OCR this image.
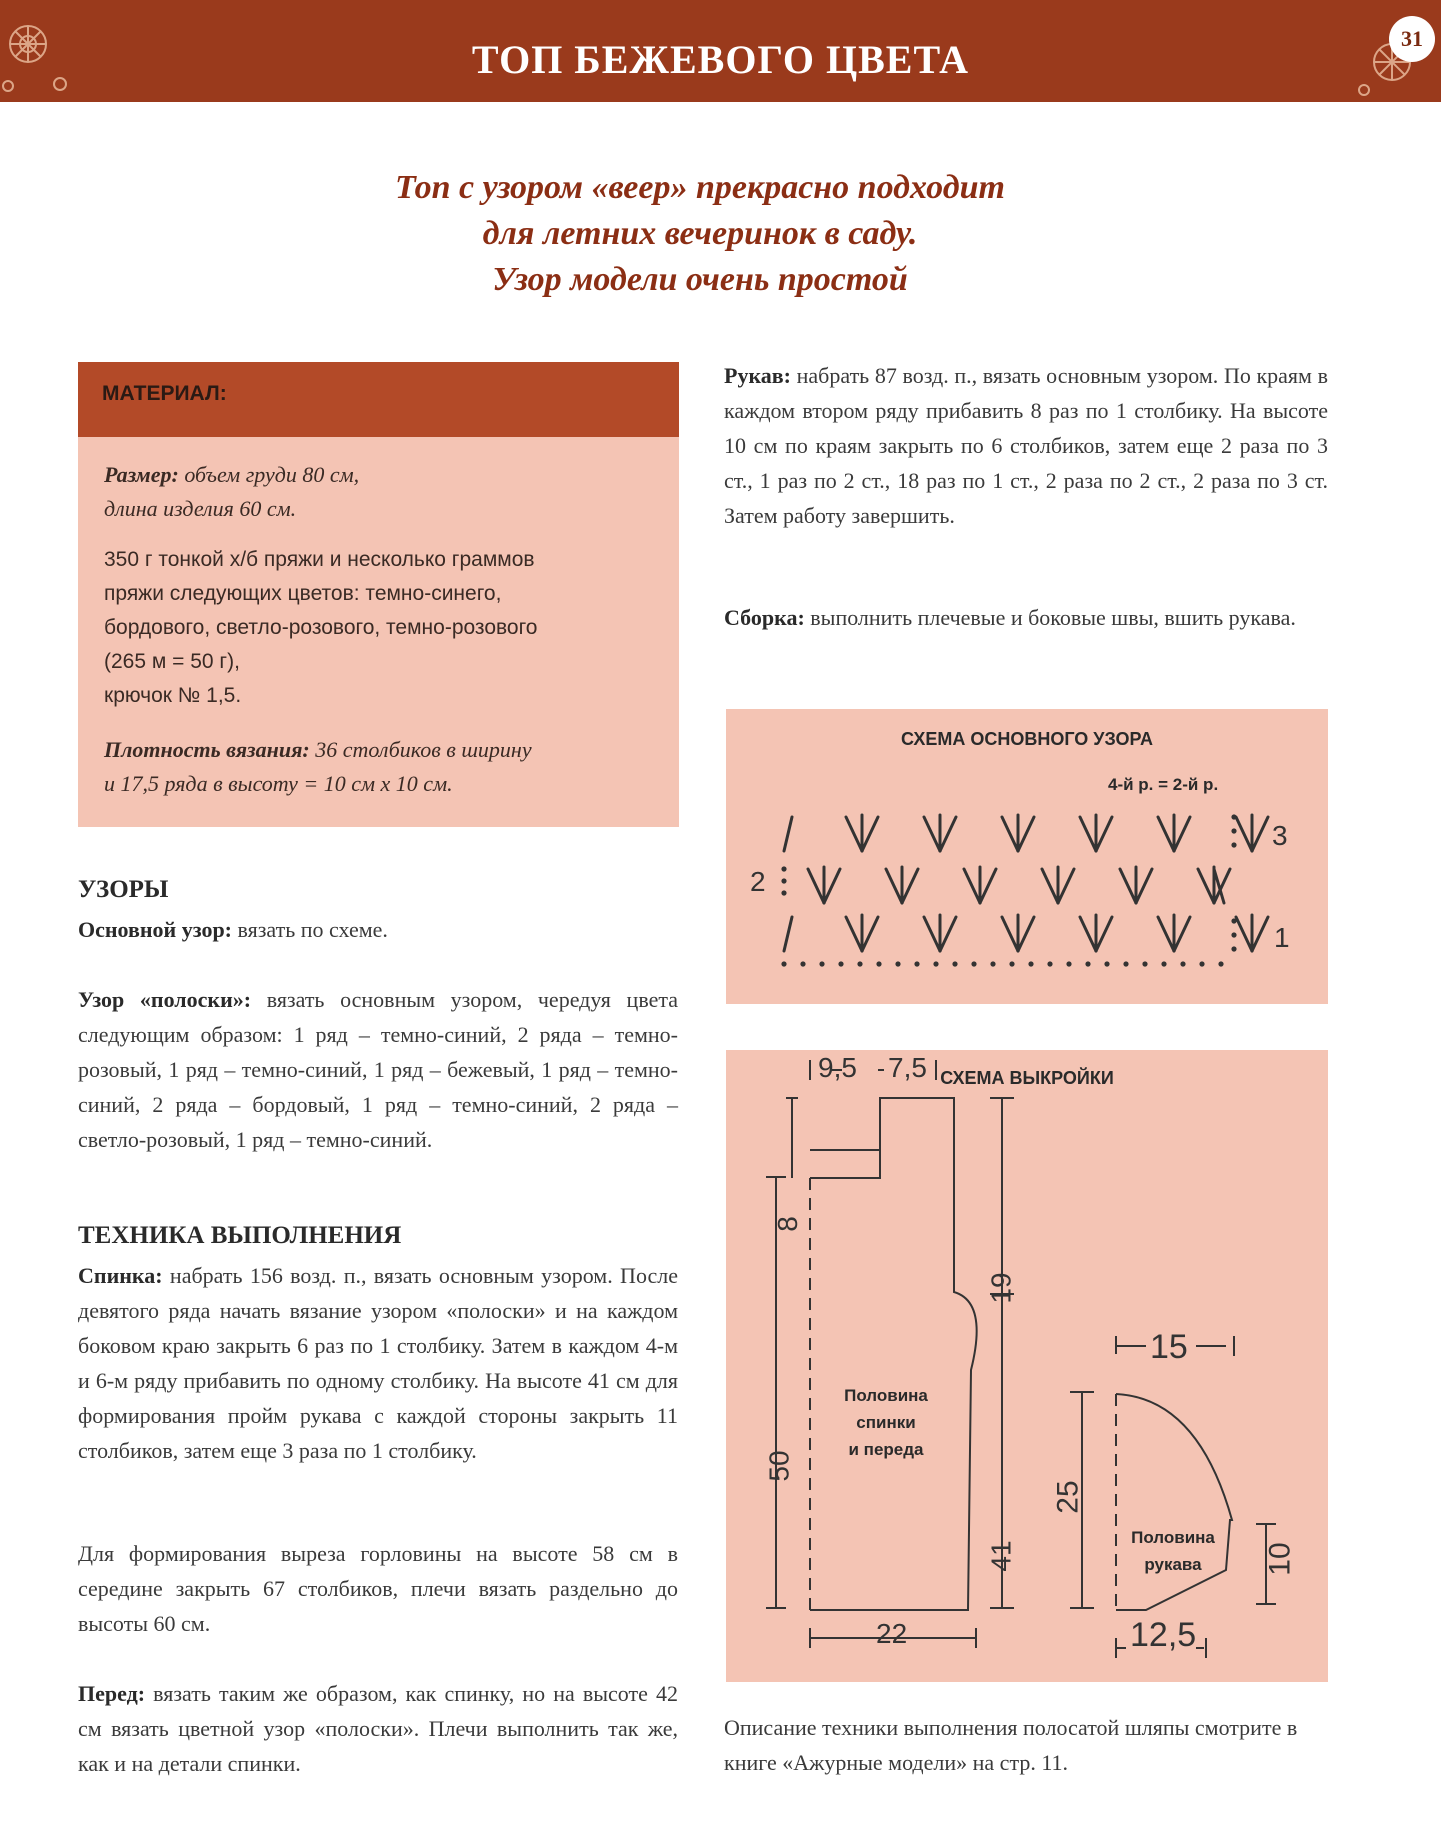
ТОП БЕЖЕВОГО ЦВЕТА	31
Топ с узором «веер» прекрасно подходит
для летних вечеринок в саду.
Узор модели очень простой
МАТЕРИАЛ:
Размер: объем груди 80 см,
длина изделия 60 см.
350 г тонкой х/б пряжи и несколько граммов
пряжи следующих цветов: темно-синего,
бордового, светло-розового, темно-розового
(265 м = 50 г),
крючок № 1,5.
Плотность вязания: 36 столбиков в ширину
и 17,5 ряда в высоту = 10 см х 10 см.
УЗОРЫ
Основной узор: вязать по схеме.
Узор «полоски»: вязать основным узором, чередуя цвета следующим образом: 1 ряд – темно-синий, 2 ряда – темно-розовый, 1 ряд – темно-синий, 1 ряд – бежевый, 1 ряд – темно-синий, 2 ряда – бордовый, 1 ряд – темно-синий, 2 ряда – светло-розовый, 1 ряд – темно-синий.
ТЕХНИКА ВЫПОЛНЕНИЯ
Спинка: набрать 156 возд. п., вязать основным узором. После девятого ряда начать вязание узором «полоски» и на каждом боковом краю закрыть 6 раз по 1 столбику. Затем в каждом 4-м и 6-м ряду прибавить по одному столбику. На высоте 41 см для формирования пройм рукава с каждой стороны закрыть 11 столбиков, затем еще 3 раза по 1 столбику.
Для формирования выреза горловины на высоте 58 см в середине закрыть 67 столбиков, плечи вязать раздельно до высоты 60 см.
Перед: вязать таким же образом, как спинку, но на высоте 42 см вязать цветной узор «полоски». Плечи выполнить так же, как и на детали спинки.
Рукав: набрать 87 возд. п., вязать основным узором. По краям в каждом втором ряду прибавить 8 раз по 1 столбику. На высоте 10 см по краям закрыть по 6 столбиков, затем еще 2 раза по 3 ст., 1 раз по 2 ст., 18 раз по 1 ст., 2 раза по 2 ст., 2 раза по 3 ст. Затем работу завершить.
Сборка: выполнить плечевые и боковые швы, вшить рукава.
СХЕМА ОСНОВНОГО УЗОРА
4-й р. = 2-й р.
3
2
1
СХЕМА ВЫКРОЙКИ
9,5 7,5
8
19
50
41
22
Половина
спинки
и переда
15
25
10
12,5
Половина
рукава
Описание техники выполнения полосатой шляпы смотрите в книге «Ажурные модели» на стр. 11.
